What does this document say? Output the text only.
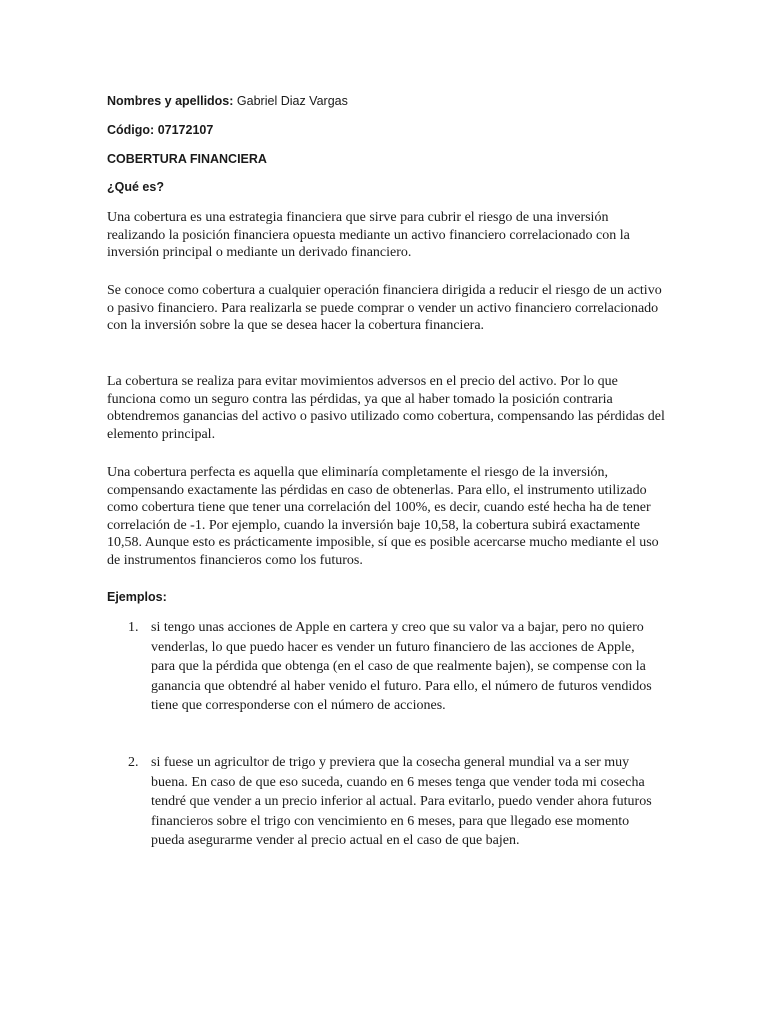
Nombres y apellidos: Gabriel Diaz Vargas
Código: 07172107
COBERTURA FINANCIERA
¿Qué es?

Una cobertura es una estrategia financiera que sirve para cubrir el riesgo de una inversión realizando la posición financiera opuesta mediante un activo financiero correlacionado con la inversión principal o mediante un derivado financiero.

Se conoce como cobertura a cualquier operación financiera dirigida a reducir el riesgo de un activo o pasivo financiero. Para realizarla se puede comprar o vender un activo financiero correlacionado con la inversión sobre la que se desea hacer la cobertura financiera.

La cobertura se realiza para evitar movimientos adversos en el precio del activo. Por lo que funciona como un seguro contra las pérdidas, ya que al haber tomado la posición contraria obtendremos ganancias del activo o pasivo utilizado como cobertura, compensando las pérdidas del elemento principal.

Una cobertura perfecta es aquella que eliminaría completamente el riesgo de la inversión, compensando exactamente las pérdidas en caso de obtenerlas. Para ello, el instrumento utilizado como cobertura tiene que tener una correlación del 100%, es decir, cuando esté hecha ha de tener correlación de -1. Por ejemplo, cuando la inversión baje 10,58, la cobertura subirá exactamente 10,58. Aunque esto es prácticamente imposible, sí que es posible acercarse mucho mediante el uso de instrumentos financieros como los futuros.

Ejemplos:
1. si tengo unas acciones de Apple en cartera y creo que su valor va a bajar, pero no quiero venderlas, lo que puedo hacer es vender un futuro financiero de las acciones de Apple, para que la pérdida que obtenga (en el caso de que realmente bajen), se compense con la ganancia que obtendré al haber venido el futuro. Para ello, el número de futuros vendidos tiene que corresponderse con el número de acciones.

2. si fuese un agricultor de trigo y previera que la cosecha general mundial va a ser muy buena. En caso de que eso suceda, cuando en 6 meses tenga que vender toda mi cosecha tendré que vender a un precio inferior al actual. Para evitarlo, puedo vender ahora futuros financieros sobre el trigo con vencimiento en 6 meses, para que llegado ese momento pueda asegurarme vender al precio actual en el caso de que bajen.
